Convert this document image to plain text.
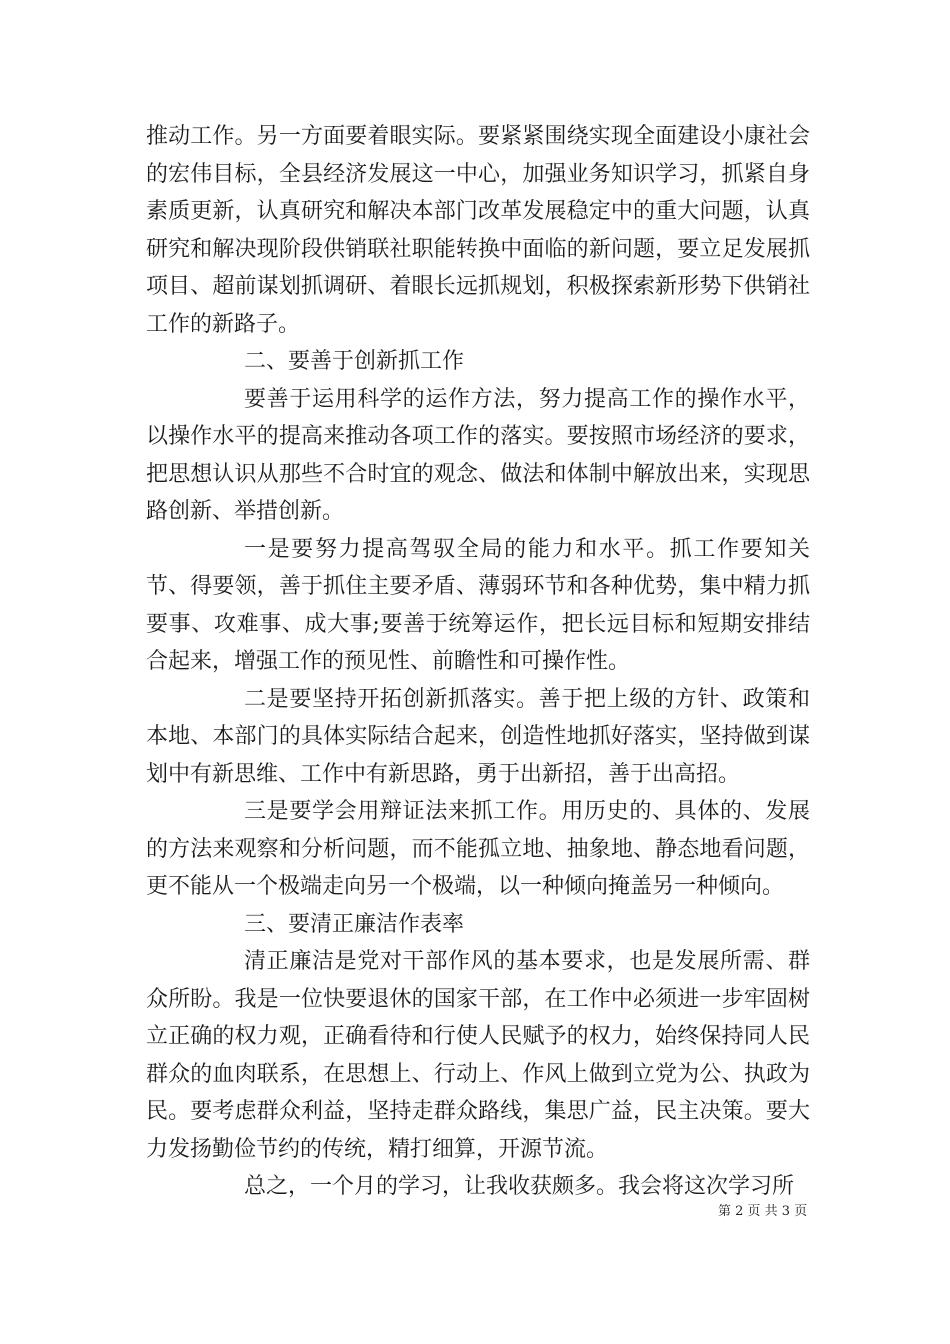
推动工作。另一方面要着眼实际。要紧紧围绕实现全面建设小康社会的宏伟目标，全县经济发展这一中心，加强业务知识学习，抓紧自身素质更新，认真研究和解决本部门改革发展稳定中的重大问题，认真研究和解决现阶段供销联社职能转换中面临的新问题，要立足发展抓项目、超前谋划抓调研、着眼长远抓规划，积极探索新形势下供销社工作的新路子。

二、要善于创新抓工作

要善于运用科学的运作方法，努力提高工作的操作水平，以操作水平的提高来推动各项工作的落实。要按照市场经济的要求，把思想认识从那些不合时宜的观念、做法和体制中解放出来，实现思路创新、举措创新。

一是要努力提高驾驭全局的能力和水平。抓工作要知关节、得要领，善于抓住主要矛盾、薄弱环节和各种优势，集中精力抓要事、攻难事、成大事;要善于统筹运作，把长远目标和短期安排结合起来，增强工作的预见性、前瞻性和可操作性。

二是要坚持开拓创新抓落实。善于把上级的方针、政策和本地、本部门的具体实际结合起来，创造性地抓好落实，坚持做到谋划中有新思维、工作中有新思路，勇于出新招，善于出高招。

三是要学会用辩证法来抓工作。用历史的、具体的、发展的方法来观察和分析问题，而不能孤立地、抽象地、静态地看问题，更不能从一个极端走向另一个极端，以一种倾向掩盖另一种倾向。

三、要清正廉洁作表率

清正廉洁是党对干部作风的基本要求，也是发展所需、群众所盼。我是一位快要退休的国家干部，在工作中必须进一步牢固树立正确的权力观，正确看待和行使人民赋予的权力，始终保持同人民群众的血肉联系，在思想上、行动上、作风上做到立党为公、执政为民。要考虑群众利益，坚持走群众路线，集思广益，民主决策。要大力发扬勤俭节约的传统，精打细算，开源节流。

总之，一个月的学习，让我收获颇多。我会将这次学习所

第 2 页 共 3 页
